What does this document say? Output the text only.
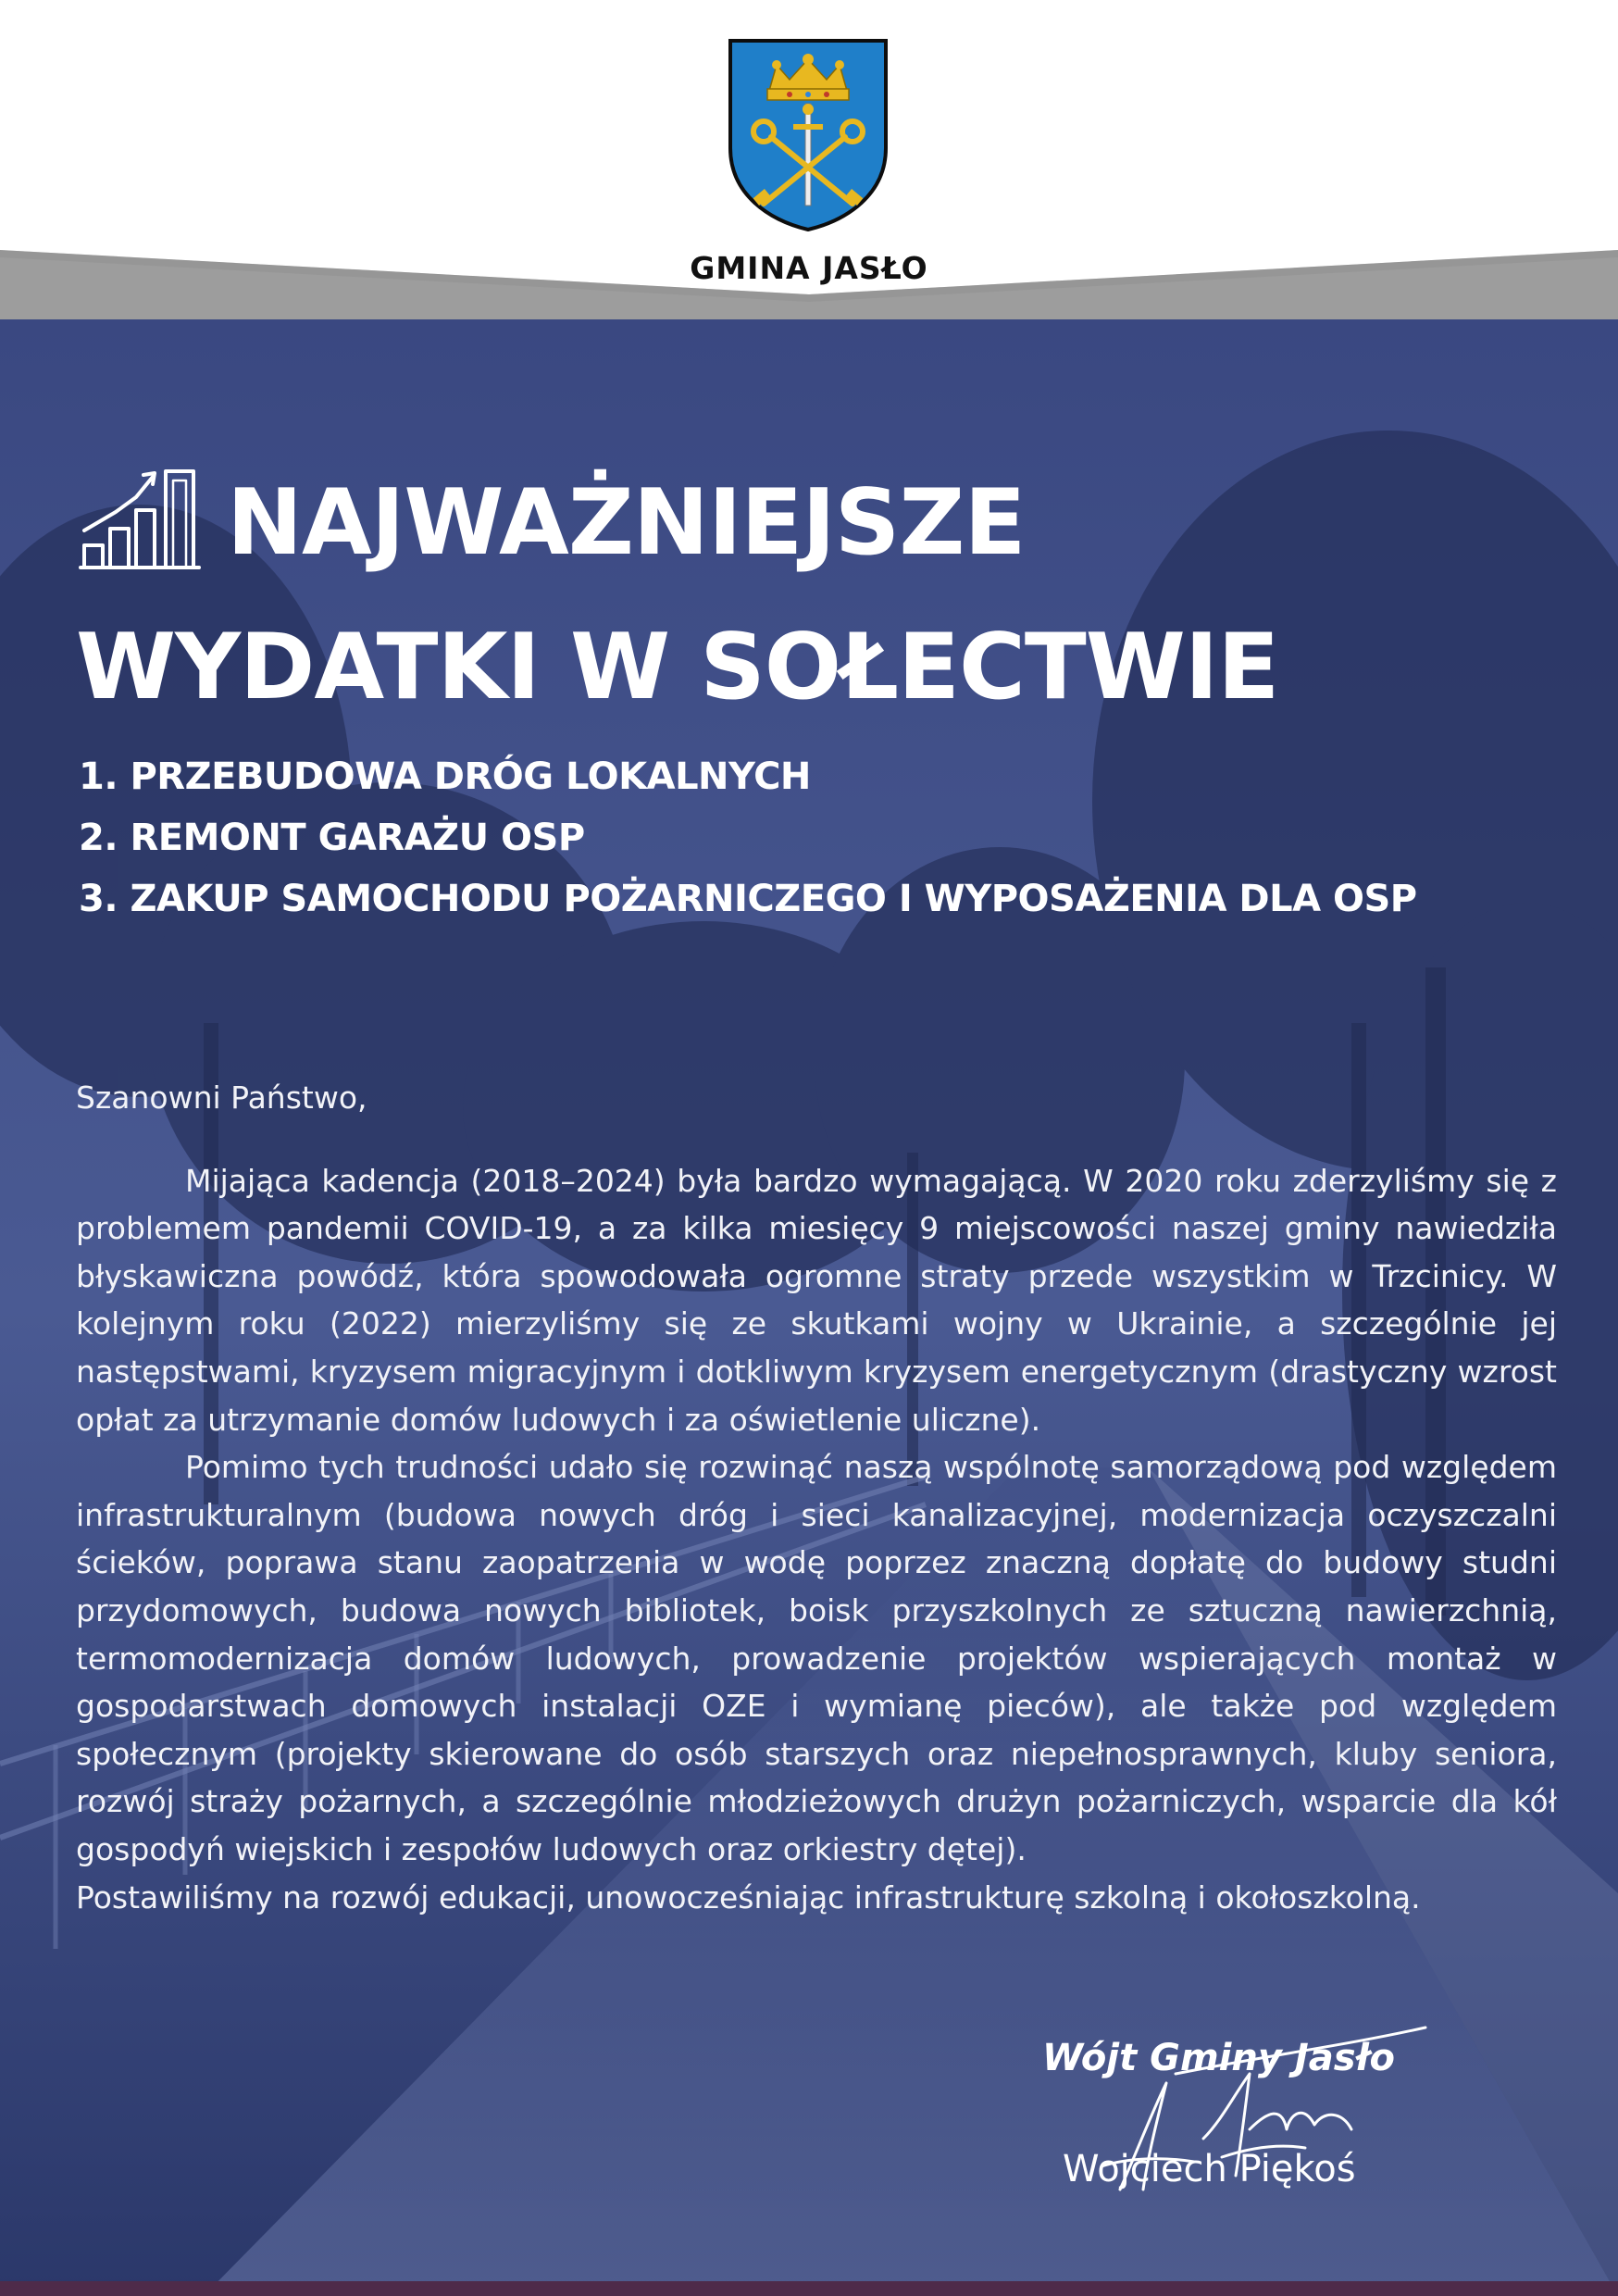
GMINA JASŁO
NAJWAŻNIEJSZE
WYDATKI W SOŁECTWIE
1. PRZEBUDOWA DRÓG LOKALNYCH
2. REMONT GARAŻU OSP
3. ZAKUP SAMOCHODU POŻARNICZEGO I WYPOSAŻENIA DLA OSP

Szanowni Państwo,

Mijająca kadencja (2018–2024) była bardzo wymagającą. W 2020 roku zderzyliśmy się z problemem pandemii COVID-19, a za kilka miesięcy 9 miejscowości naszej gminy nawiedziła błyskawiczna powódź, która spowodowała ogromne straty przede wszystkim w Trzcinicy. W kolejnym roku (2022) mierzyliśmy się ze skutkami wojny w Ukrainie, a szczególnie jej następstwami, kryzysem migracyjnym i dotkliwym kryzysem energetycznym (drastyczny wzrost opłat za utrzymanie domów ludowych i za oświetlenie uliczne).

Pomimo tych trudności udało się rozwinąć naszą wspólnotę samorządową pod względem infrastrukturalnym (budowa nowych dróg i sieci kanalizacyjnej, modernizacja oczyszczalni ścieków, poprawa stanu zaopatrzenia w wodę poprzez znaczną dopłatę do budowy studni przydomowych, budowa nowych bibliotek, boisk przyszkolnych ze sztuczną nawierzchnią, termomodernizacja domów ludowych, prowadzenie projektów wspierających montaż w gospodarstwach domowych instalacji OZE i wymianę pieców), ale także pod względem społecznym (projekty skierowane do osób starszych oraz niepełnosprawnych, kluby seniora, rozwój straży pożarnych, a szczególnie młodzieżowych drużyn pożarniczych, wsparcie dla kół gospodyń wiejskich i zespołów ludowych oraz orkiestry dętej).

Postawiliśmy na rozwój edukacji, unowocześniając infrastrukturę szkolną i okołoszkolną.

Wójt Gminy Jasło
Wojciech Piękoś
